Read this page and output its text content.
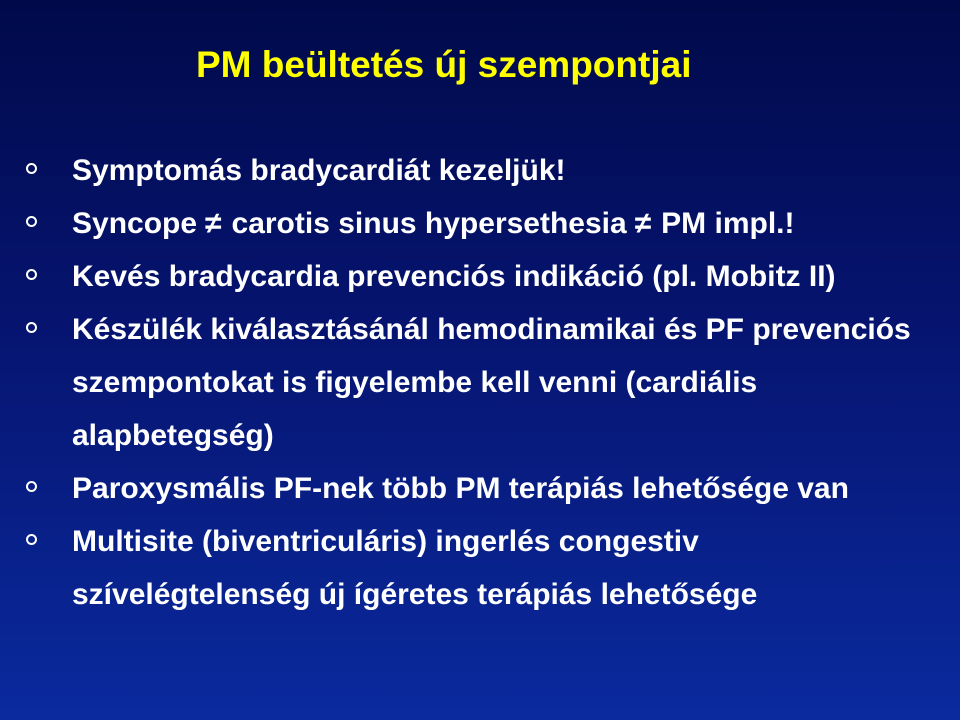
PM beültetés új szempontjai
Symptomás bradycardiát kezeljük!
Syncope ≠ carotis sinus hypersethesia ≠ PM impl.!
Kevés bradycardia prevenciós indikáció (pl. Mobitz II)
Készülék kiválasztásánál hemodinamikai és PF prevenciós szempontokat is figyelembe kell venni (cardiális alapbetegség)
Paroxysmális PF-nek több PM terápiás lehetősége van
Multisite (biventriculáris) ingerlés congestiv szívelégtelenség új ígéretes terápiás lehetősége
